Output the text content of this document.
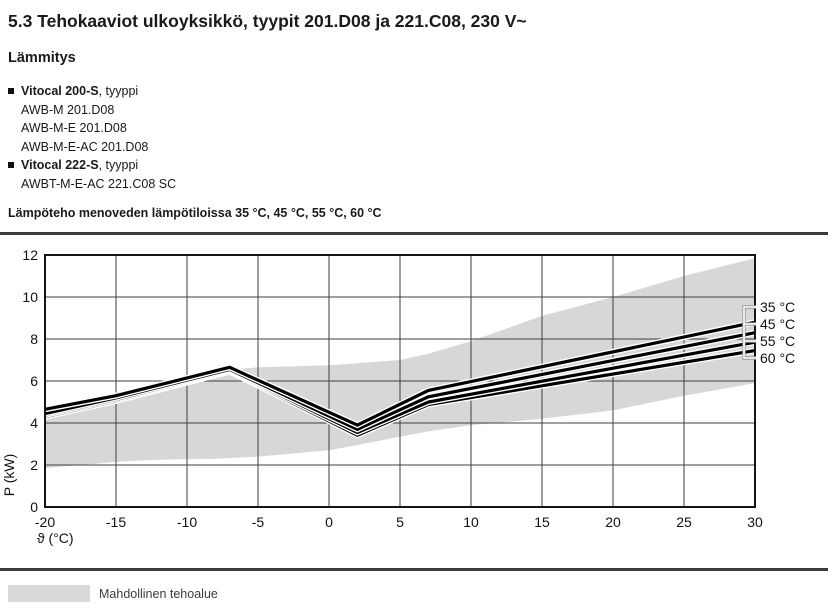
5.3 Tehokaaviot ulkoyksikkö, tyypit 201.D08 ja 221.C08, 230 V~
Lämmitys
Vitocal 200-S, tyyppi
AWB-M 201.D08
AWB-M-E 201.D08
AWB-M-E-AC 201.D08
Vitocal 222-S, tyyppi
AWBT-M-E-AC 221.C08 SC

Lämpöteho menoveden lämpötiloissa 35 °C, 45 °C, 55 °C, 60 °C

35 °C
45 °C
55 °C
60 °C
-20	-15	-10	-5	0	5	10	15	20	25	30
0
2
4
6
8
10
12
ϑ (°C)
P (kW)
Mahdollinen tehoalue
